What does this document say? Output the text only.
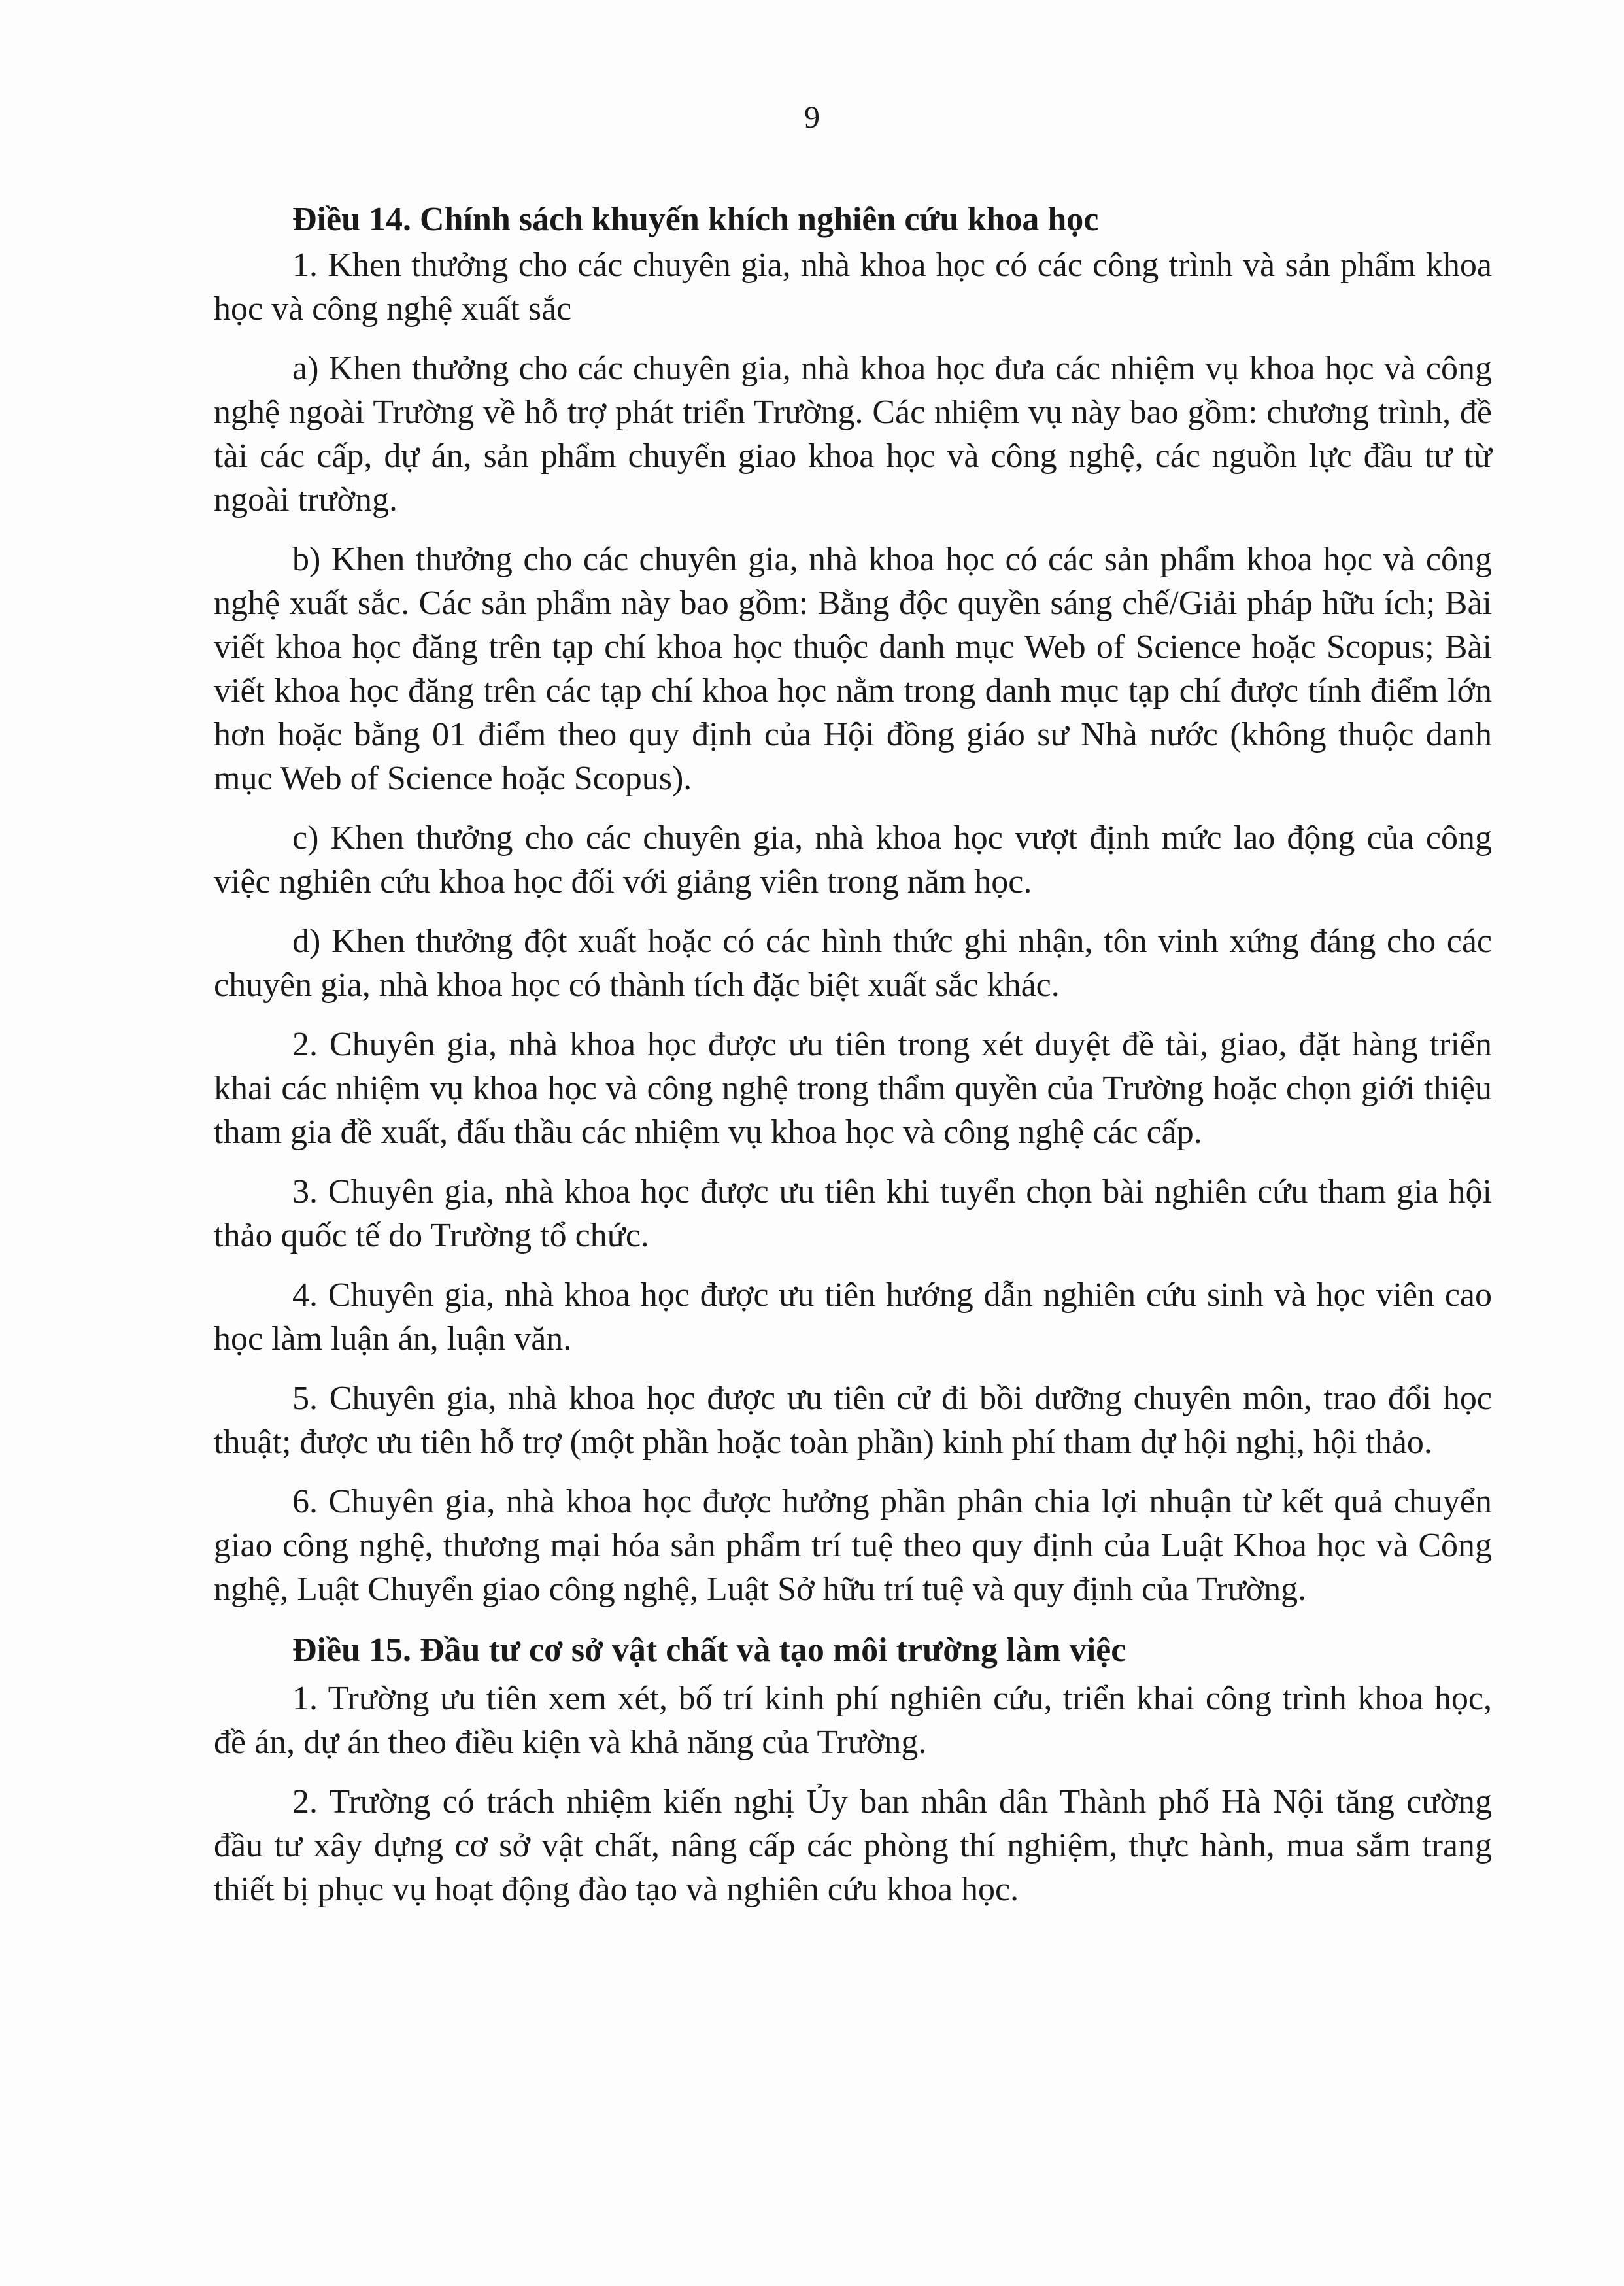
9
Điều 14. Chính sách khuyến khích nghiên cứu khoa học

1. Khen thưởng cho các chuyên gia, nhà khoa học có các công trình và sản phẩm khoa học và công nghệ xuất sắc

a) Khen thưởng cho các chuyên gia, nhà khoa học đưa các nhiệm vụ khoa học và công nghệ ngoài Trường về hỗ trợ phát triển Trường. Các nhiệm vụ này bao gồm: chương trình, đề tài các cấp, dự án, sản phẩm chuyển giao khoa học và công nghệ, các nguồn lực đầu tư từ ngoài trường.

b) Khen thưởng cho các chuyên gia, nhà khoa học có các sản phẩm khoa học và công nghệ xuất sắc. Các sản phẩm này bao gồm: Bằng độc quyền sáng chế/Giải pháp hữu ích; Bài viết khoa học đăng trên tạp chí khoa học thuộc danh mục Web of Science hoặc Scopus; Bài viết khoa học đăng trên các tạp chí khoa học nằm trong danh mục tạp chí được tính điểm lớn hơn hoặc bằng 01 điểm theo quy định của Hội đồng giáo sư Nhà nước (không thuộc danh mục Web of Science hoặc Scopus).

c) Khen thưởng cho các chuyên gia, nhà khoa học vượt định mức lao động của công việc nghiên cứu khoa học đối với giảng viên trong năm học.

d) Khen thưởng đột xuất hoặc có các hình thức ghi nhận, tôn vinh xứng đáng cho các chuyên gia, nhà khoa học có thành tích đặc biệt xuất sắc khác.

2. Chuyên gia, nhà khoa học được ưu tiên trong xét duyệt đề tài, giao, đặt hàng triển khai các nhiệm vụ khoa học và công nghệ trong thẩm quyền của Trường hoặc chọn giới thiệu tham gia đề xuất, đấu thầu các nhiệm vụ khoa học và công nghệ các cấp.

3. Chuyên gia, nhà khoa học được ưu tiên khi tuyển chọn bài nghiên cứu tham gia hội thảo quốc tế do Trường tổ chức.

4. Chuyên gia, nhà khoa học được ưu tiên hướng dẫn nghiên cứu sinh và học viên cao học làm luận án, luận văn.

5. Chuyên gia, nhà khoa học được ưu tiên cử đi bồi dưỡng chuyên môn, trao đổi học thuật; được ưu tiên hỗ trợ (một phần hoặc toàn phần) kinh phí tham dự hội nghị, hội thảo.

6. Chuyên gia, nhà khoa học được hưởng phần phân chia lợi nhuận từ kết quả chuyển giao công nghệ, thương mại hóa sản phẩm trí tuệ theo quy định của Luật Khoa học và Công nghệ, Luật Chuyển giao công nghệ, Luật Sở hữu trí tuệ và quy định của Trường.

Điều 15. Đầu tư cơ sở vật chất và tạo môi trường làm việc

1. Trường ưu tiên xem xét, bố trí kinh phí nghiên cứu, triển khai công trình khoa học, đề án, dự án theo điều kiện và khả năng của Trường.

2. Trường có trách nhiệm kiến nghị Ủy ban nhân dân Thành phố Hà Nội tăng cường đầu tư xây dựng cơ sở vật chất, nâng cấp các phòng thí nghiệm, thực hành, mua sắm trang thiết bị phục vụ hoạt động đào tạo và nghiên cứu khoa học.
